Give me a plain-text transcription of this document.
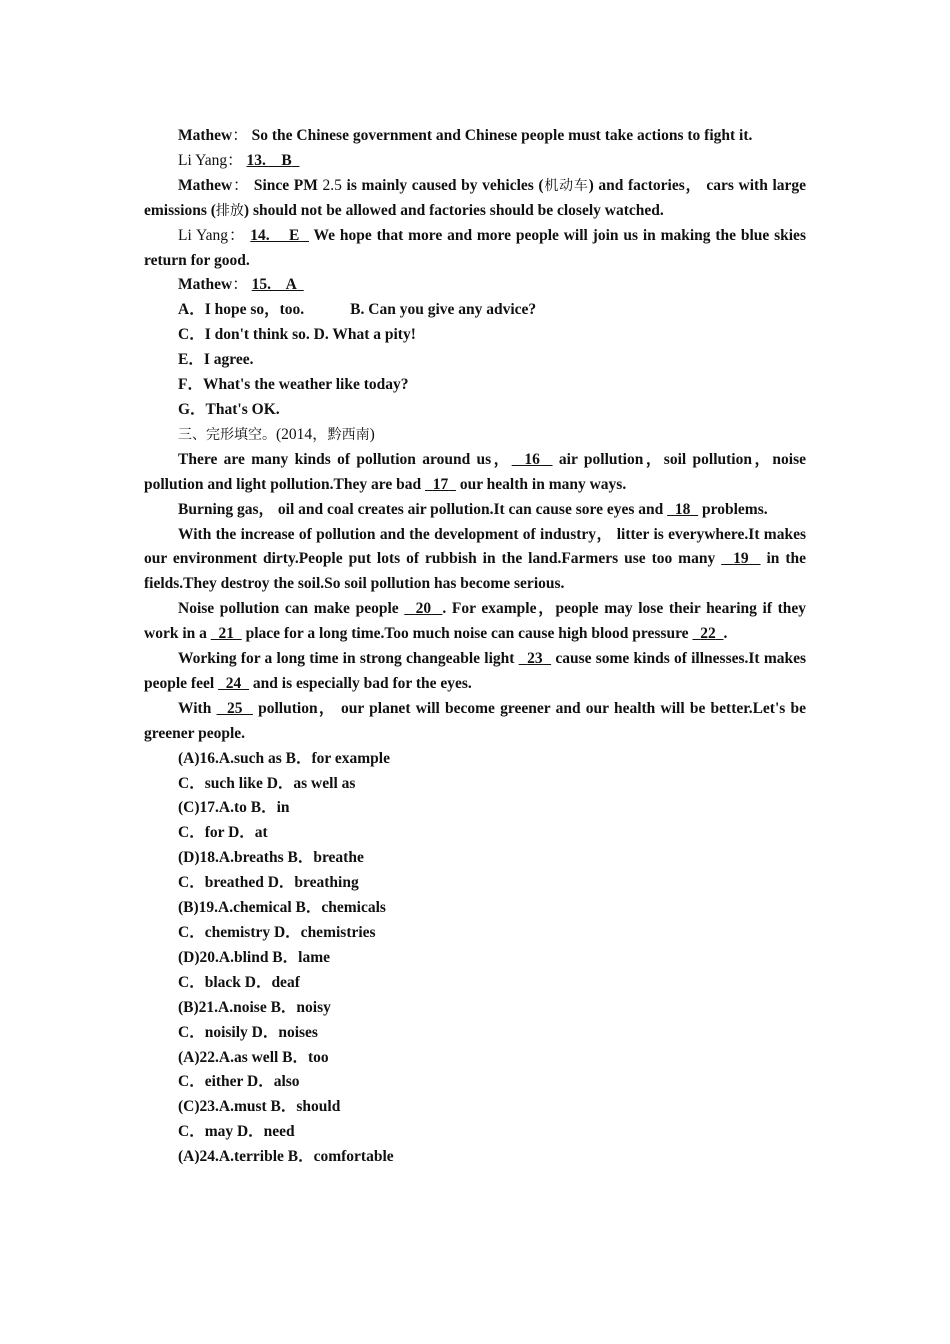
Mathew： So the Chinese government and Chinese people must take actions to fight it.

Li Yang： 13.    B

Mathew： Since PM 2.5 is mainly caused by vehicles (机动车) and factories， cars with large emissions (排放) should not be allowed and factories should be closely watched.

Li Yang： 14.    E We hope that more and more people will join us in making the blue skies return for good.

Mathew： 15.    A

A．I hope so，too.	B. Can you give any advice?

C．I don't think so. D. What a pity!

E．I agree.

F．What's the weather like today?

G．That's OK.

三、完形填空。(2014，黔西南)

There are many kinds of pollution around us， 16 air pollution，soil pollution，noise pollution and light pollution.They are bad 17 our health in many ways.

Burning gas， oil and coal creates air pollution.It can cause sore eyes and 18 problems.

With the increase of pollution and the development of industry， litter is everywhere.It makes our environment dirty.People put lots of rubbish in the land.Farmers use too many 19 in the fields.They destroy the soil.So soil pollution has become serious.

Noise pollution can make people 20 . For example，people may lose their hearing if they work in a 21 place for a long time.Too much noise can cause high blood pressure 22 .

Working for a long time in strong changeable light 23 cause some kinds of illnesses.It makes people feel 24 and is especially bad for the eyes.

With 25 pollution， our planet will become greener and our health will be better.Let's be greener people.

(A)16.A.such as B．for example

C．such like D．as well as

(C)17.A.to B．in

C．for D．at

(D)18.A.breaths B．breathe

C．breathed D．breathing

(B)19.A.chemical B．chemicals

C．chemistry D．chemistries

(D)20.A.blind B．lame

C．black D．deaf

(B)21.A.noise B．noisy

C．noisily D．noises

(A)22.A.as well B．too

C．either D．also

(C)23.A.must B．should

C．may D．need

(A)24.A.terrible B．comfortable
